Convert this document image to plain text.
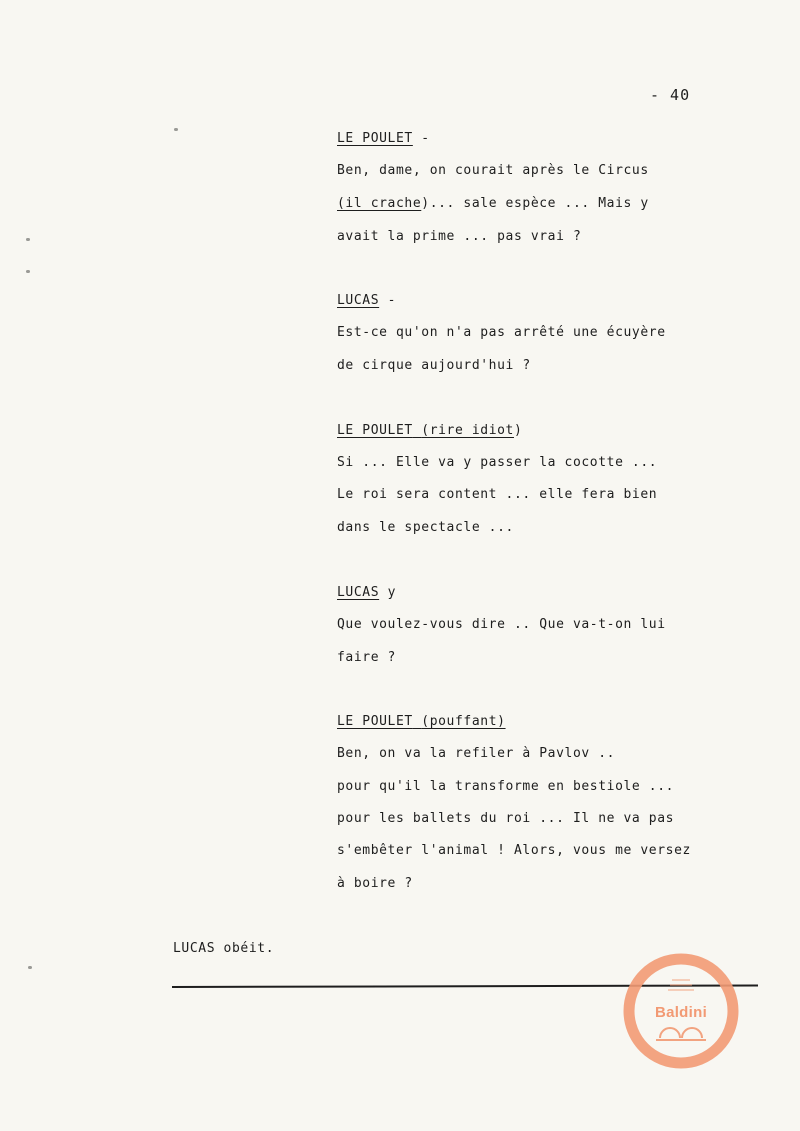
- 40
LE POULET -
Ben, dame, on courait après le Circus
(il crache)... sale espèce ... Mais y
avait la prime ... pas vrai ?
LUCAS -
Est-ce qu'on n'a pas arrêté une écuyère
de cirque aujourd'hui ?
LE POULET (rire idiot)
Si ... Elle va y passer la cocotte ...
Le roi sera content ... elle fera bien
dans le spectacle ...
LUCAS y
Que voulez-vous dire .. Que va-t-on lui
faire ?
LE POULET (pouffant)
Ben, on va la refiler à Pavlov ..
pour qu'il la transforme en bestiole ...
pour les ballets du roi ... Il ne va pas
s'embêter l'animal ! Alors, vous me versez
à boire ?
LUCAS obéit.
Baldini
